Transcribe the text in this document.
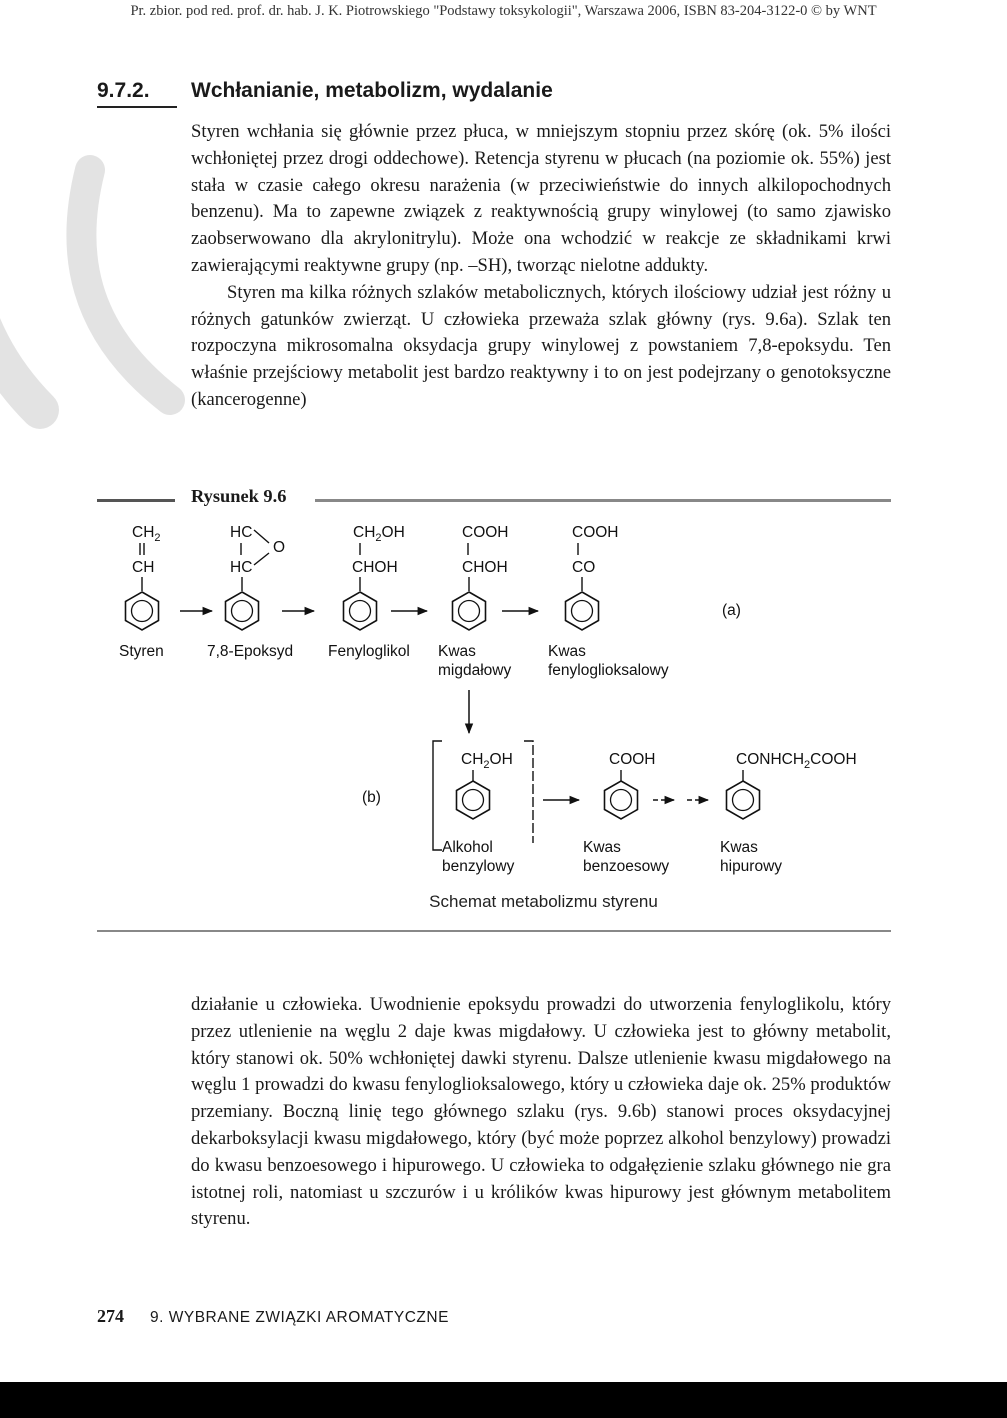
Pr. zbior. pod red. prof. dr. hab. J. K. Piotrowskiego "Podstawy toksykologii", Warszawa 2006, ISBN 83-204-3122-0 © by WNT
9.7.2. Wchłanianie, metabolizm, wydalanie

Styren wchłania się głównie przez płuca, w mniejszym stopniu przez skórę (ok. 5% ilości wchłoniętej przez drogi oddechowe). Retencja styrenu w płucach (na poziomie ok. 55%) jest stała w czasie całego okresu narażenia (w przeciwieństwie do innych alkilopochodnych benzenu). Ma to zapewne związek z reaktywnością grupy winylowej (to samo zjawisko zaobserwowano dla akrylonitrylu). Może ona wchodzić w reakcje ze składnikami krwi zawierającymi reaktywne grupy (np. –SH), tworząc nielotne addukty.

Styren ma kilka różnych szlaków metabolicznych, których ilościowy udział jest różny u różnych gatunków zwierząt. U człowieka przeważa szlak główny (rys. 9.6a). Szlak ten rozpoczyna mikrosomalna oksydacja grupy winylowej z powstaniem 7,8-epoksydu. Ten właśnie przejściowy metabolit jest bardzo reaktywny i to on jest podejrzany o genotoksyczne (kancerogenne)

Rysunek 9.6
$CH_2$
CH
Styren
HC
O
HC
7,8-Epoksyd
$CH_2OH$
CHOH
Fenyloglikol
COOH
CHOH
Kwas
migdałowy
COOH
CO
Kwas
fenyloglioksalowy
(a)
(b)
$CH_2OH$
Alkohol
benzylowy
COOH
Kwas
benzoesowy
$CONHCH_2COOH$
Kwas
hipurowy
Schemat metabolizmu styrenu

działanie u człowieka. Uwodnienie epoksydu prowadzi do utworzenia fenyloglikolu, który przez utlenienie na węglu 2 daje kwas migdałowy. U człowieka jest to główny metabolit, który stanowi ok. 50% wchłoniętej dawki styrenu. Dalsze utlenienie kwasu migdałowego na węglu 1 prowadzi do kwasu fenyloglioksalowego, który u człowieka daje ok. 25% produktów przemiany. Boczną linię tego głównego szlaku (rys. 9.6b) stanowi proces oksydacyjnej dekarboksylacji kwasu migdałowego, który (być może poprzez alkohol benzylowy) prowadzi do kwasu benzoesowego i hipurowego. U człowieka to odgałęzienie szlaku głównego nie gra istotnej roli, natomiast u szczurów i u królików kwas hipurowy jest głównym metabolitem styrenu.

274 9. WYBRANE ZWIĄZKI AROMATYCZNE
